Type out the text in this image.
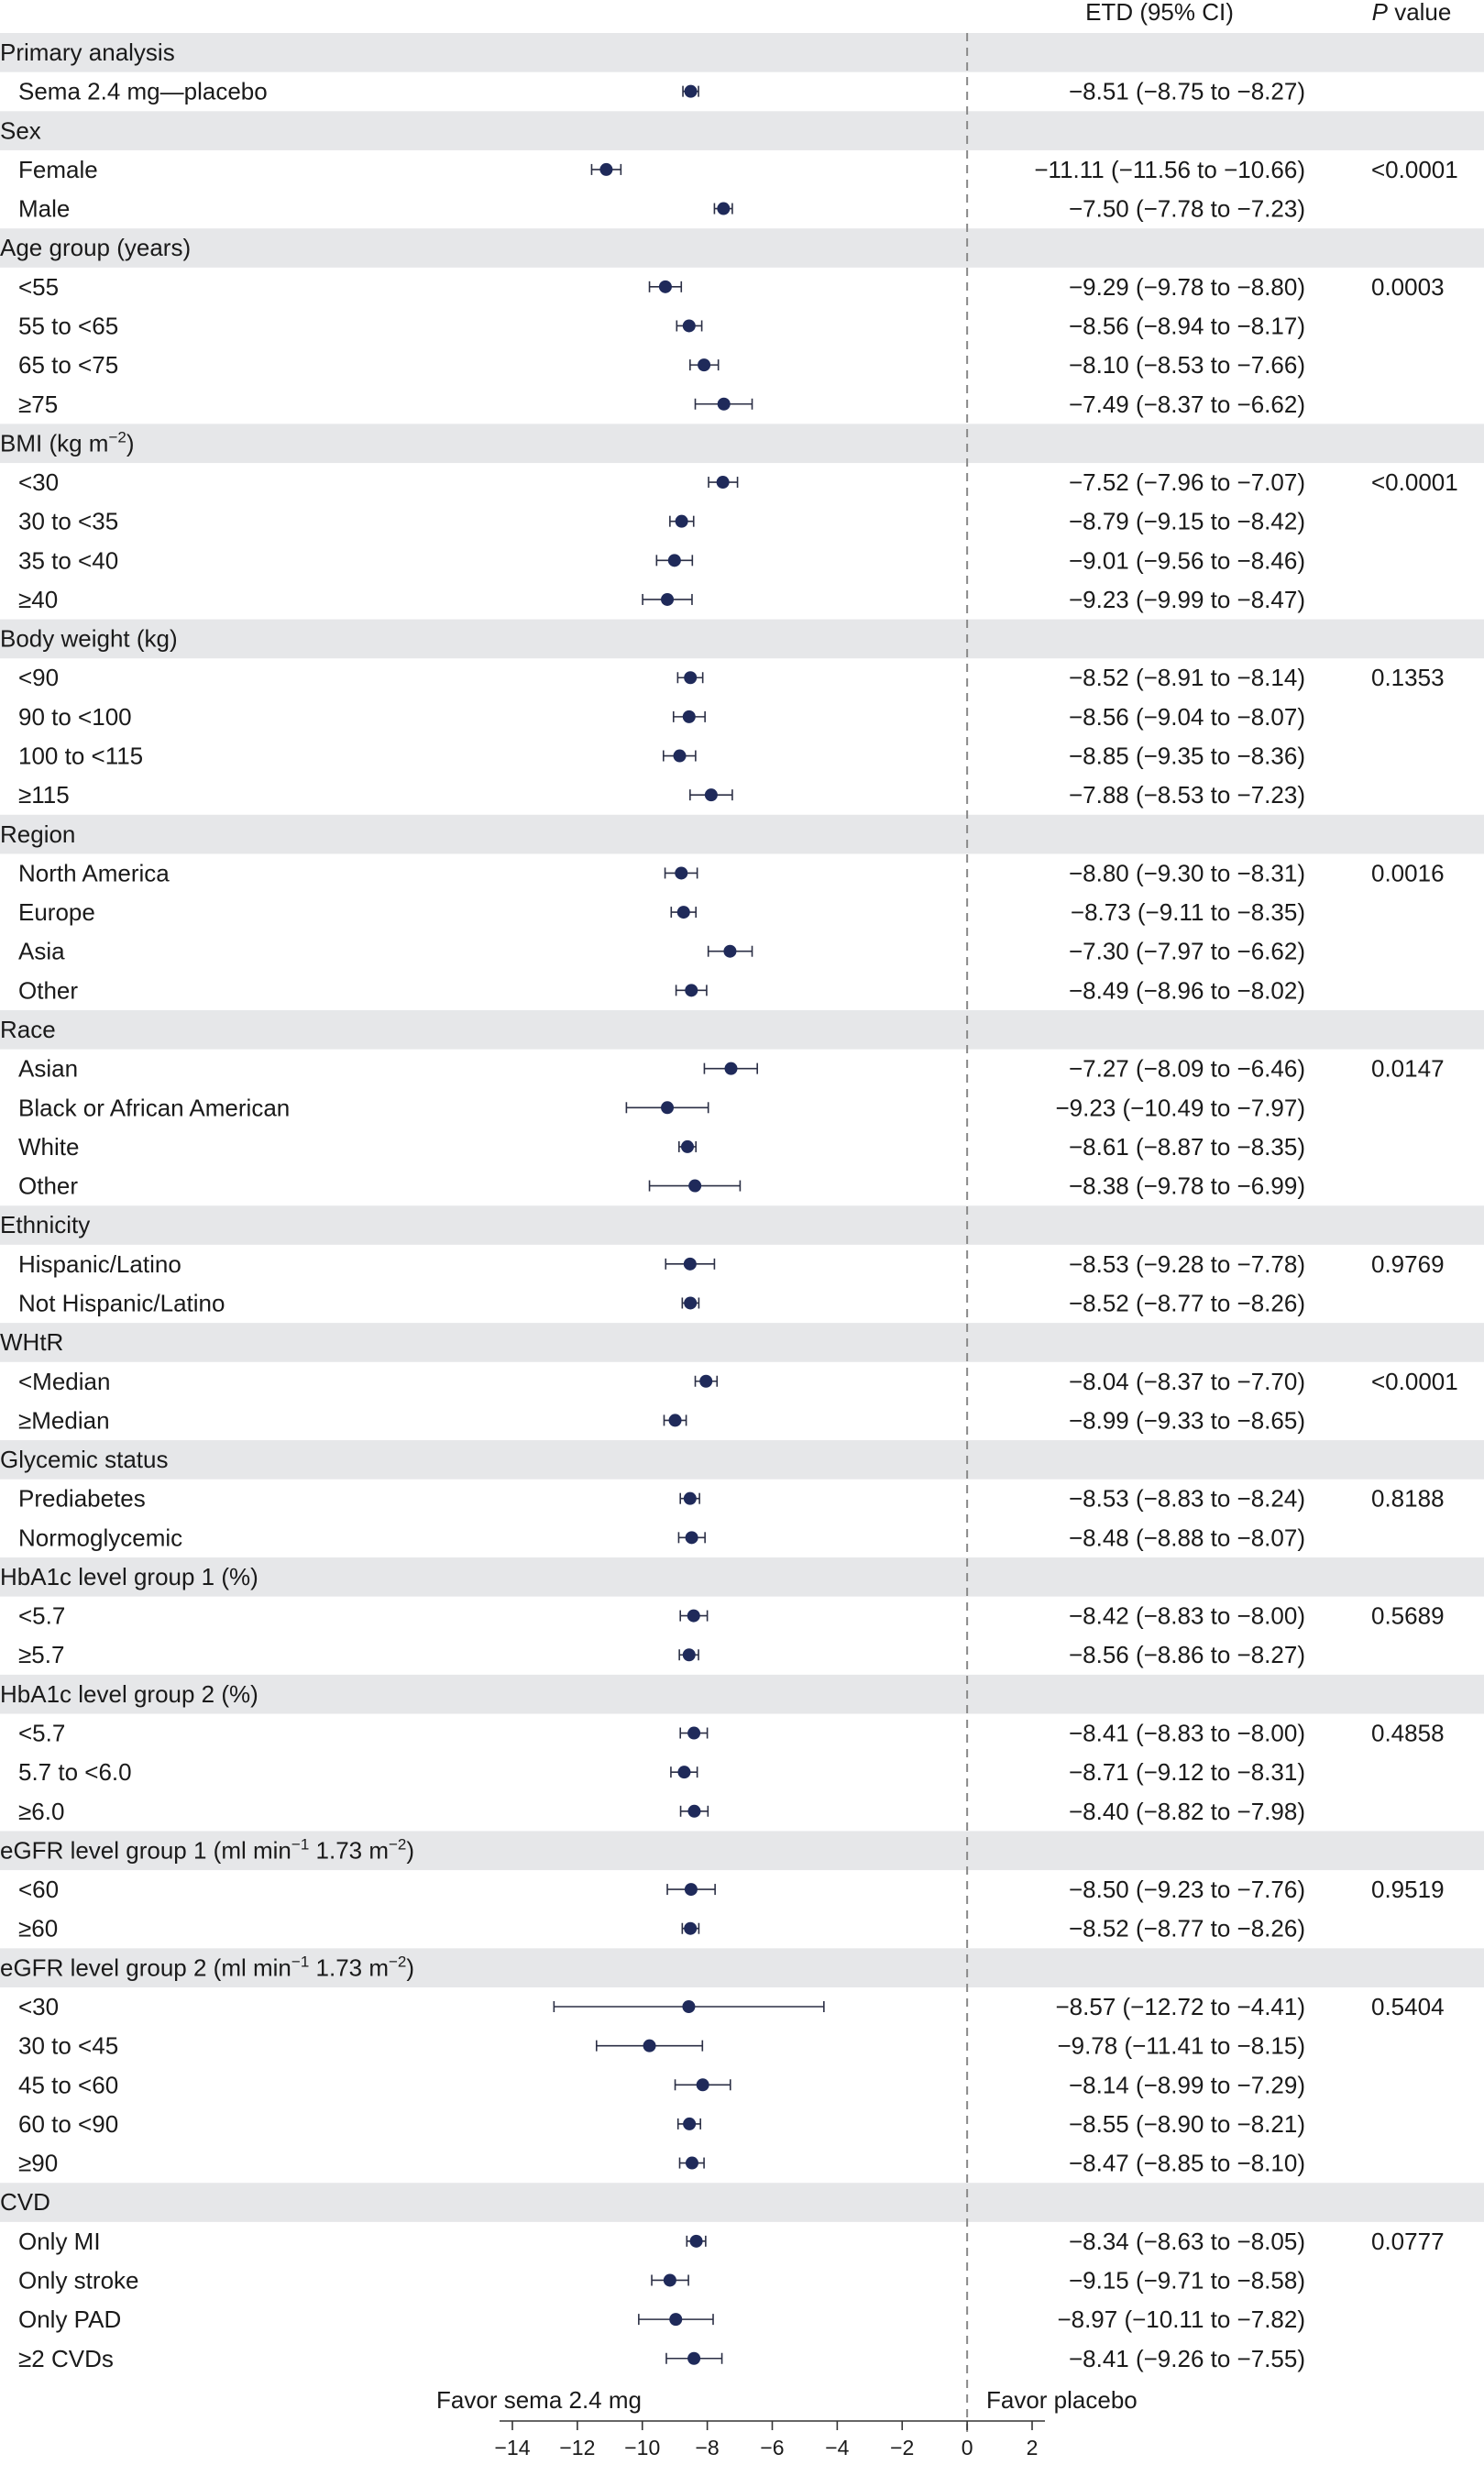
ETD (95% CI)	P value
Primary analysis
Sema 2.4 mg—placebo	−8.51 (−8.75 to −8.27)
Sex
Female	−11.11 (−11.56 to −10.66)	<0.0001
Male	−7.50 (−7.78 to −7.23)
Age group (years)
<55	−9.29 (−9.78 to −8.80)	0.0003
55 to <65	−8.56 (−8.94 to −8.17)
65 to <75	−8.10 (−8.53 to −7.66)
≥75	−7.49 (−8.37 to −6.62)
BMI (kg $m^{-2}$)
<30	−7.52 (−7.96 to −7.07)	<0.0001
30 to <35	−8.79 (−9.15 to −8.42)
35 to <40	−9.01 (−9.56 to −8.46)
≥40	−9.23 (−9.99 to −8.47)
Body weight (kg)
<90	−8.52 (−8.91 to −8.14)	0.1353
90 to <100	−8.56 (−9.04 to −8.07)
100 to <115	−8.85 (−9.35 to −8.36)
≥115	−7.88 (−8.53 to −7.23)
Region
North America	−8.80 (−9.30 to −8.31)	0.0016
Europe	−8.73 (−9.11 to −8.35)
Asia	−7.30 (−7.97 to −6.62)
Other	−8.49 (−8.96 to −8.02)
Race
Asian	−7.27 (−8.09 to −6.46)	0.0147
Black or African American	−9.23 (−10.49 to −7.97)
White	−8.61 (−8.87 to −8.35)
Other	−8.38 (−9.78 to −6.99)
Ethnicity
Hispanic/Latino	−8.53 (−9.28 to −7.78)	0.9769
Not Hispanic/Latino	−8.52 (−8.77 to −8.26)
WHtR
<Median	−8.04 (−8.37 to −7.70)	<0.0001
≥Median	−8.99 (−9.33 to −8.65)
Glycemic status
Prediabetes	−8.53 (−8.83 to −8.24)	0.8188
Normoglycemic	−8.48 (−8.88 to −8.07)
HbA1c level group 1 (%)
<5.7	−8.42 (−8.83 to −8.00)	0.5689
≥5.7	−8.56 (−8.86 to −8.27)
HbA1c level group 2 (%)
<5.7	−8.41 (−8.83 to −8.00)	0.4858
5.7 to <6.0	−8.71 (−9.12 to −8.31)
≥6.0	−8.40 (−8.82 to −7.98)
eGFR level group 1 (ml $\min^{-1} 1.73$ $m^{-2}$)
<60	−8.50 (−9.23 to −7.76)	0.9519
≥60	−8.52 (−8.77 to −8.26)
eGFR level group 2 (ml $\min^{-1} 1.73$ $m^{-2}$)
<30	−8.57 (−12.72 to −4.41)	0.5404
30 to <45	−9.78 (−11.41 to −8.15)
45 to <60	−8.14 (−8.99 to −7.29)
60 to <90	−8.55 (−8.90 to −8.21)
≥90	−8.47 (−8.85 to −8.10)
CVD
Only MI	−8.34 (−8.63 to −8.05)	0.0777
Only stroke	−9.15 (−9.71 to −8.58)
Only PAD	−8.97 (−10.11 to −7.82)
≥2 CVDs	−8.41 (−9.26 to −7.55)
Favor sema 2.4 mg	Favor placebo
−14 −12 −10 −8 −6 −4 −2 0	2
